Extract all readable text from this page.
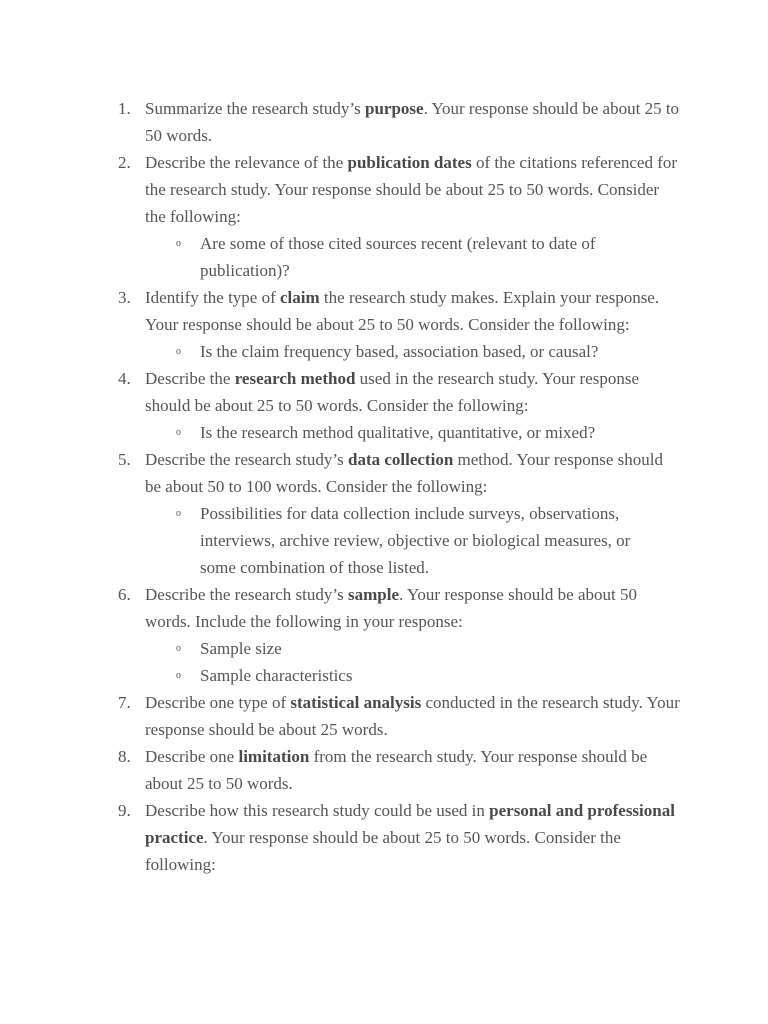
1. Summarize the research study’s purpose. Your response should be about 25 to 50 words.
2. Describe the relevance of the publication dates of the citations referenced for the research study. Your response should be about 25 to 50 words. Consider the following:
o Are some of those cited sources recent (relevant to date of publication)?
3. Identify the type of claim the research study makes. Explain your response. Your response should be about 25 to 50 words. Consider the following:
o Is the claim frequency based, association based, or causal?
4. Describe the research method used in the research study. Your response should be about 25 to 50 words. Consider the following:
o Is the research method qualitative, quantitative, or mixed?
5. Describe the research study’s data collection method. Your response should be about 50 to 100 words. Consider the following:
o Possibilities for data collection include surveys, observations, interviews, archive review, objective or biological measures, or some combination of those listed.
6. Describe the research study’s sample. Your response should be about 50 words. Include the following in your response:
o Sample size
o Sample characteristics
7. Describe one type of statistical analysis conducted in the research study. Your response should be about 25 words.
8. Describe one limitation from the research study. Your response should be about 25 to 50 words.
9. Describe how this research study could be used in personal and professional practice. Your response should be about 25 to 50 words. Consider the following:
